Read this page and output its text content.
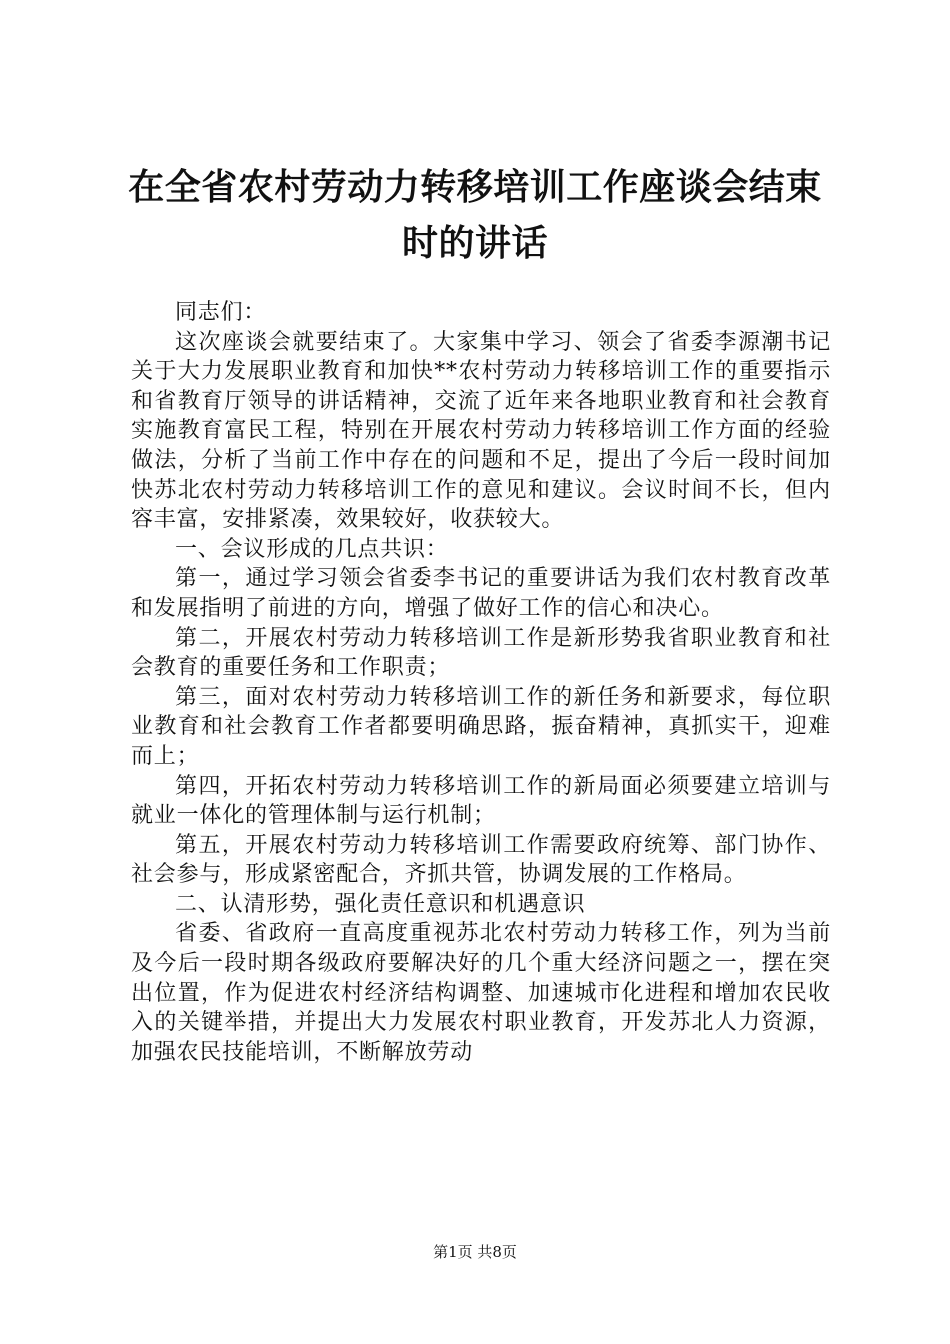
在全省农村劳动力转移培训工作座谈会结束时的讲话

同志们：

这次座谈会就要结束了。大家集中学习、领会了省委李源潮书记关于大力发展职业教育和加快**农村劳动力转移培训工作的重要指示和省教育厅领导的讲话精神，交流了近年来各地职业教育和社会教育实施教育富民工程，特别在开展农村劳动力转移培训工作方面的经验做法，分析了当前工作中存在的问题和不足，提出了今后一段时间加快苏北农村劳动力转移培训工作的意见和建议。会议时间不长，但内容丰富，安排紧凑，效果较好，收获较大。

一、会议形成的几点共识：

第一，通过学习领会省委李书记的重要讲话为我们农村教育改革和发展指明了前进的方向，增强了做好工作的信心和决心。

第二，开展农村劳动力转移培训工作是新形势我省职业教育和社会教育的重要任务和工作职责；

第三，面对农村劳动力转移培训工作的新任务和新要求，每位职业教育和社会教育工作者都要明确思路，振奋精神，真抓实干，迎难而上；

第四，开拓农村劳动力转移培训工作的新局面必须要建立培训与就业一体化的管理体制与运行机制；

第五，开展农村劳动力转移培训工作需要政府统筹、部门协作、社会参与，形成紧密配合，齐抓共管，协调发展的工作格局。

二、认清形势，强化责任意识和机遇意识

省委、省政府一直高度重视苏北农村劳动力转移工作，列为当前及今后一段时期各级政府要解决好的几个重大经济问题之一，摆在突出位置，作为促进农村经济结构调整、加速城市化进程和增加农民收入的关键举措，并提出大力发展农村职业教育，开发苏北人力资源，加强农民技能培训，不断解放劳动

第1页 共8页
